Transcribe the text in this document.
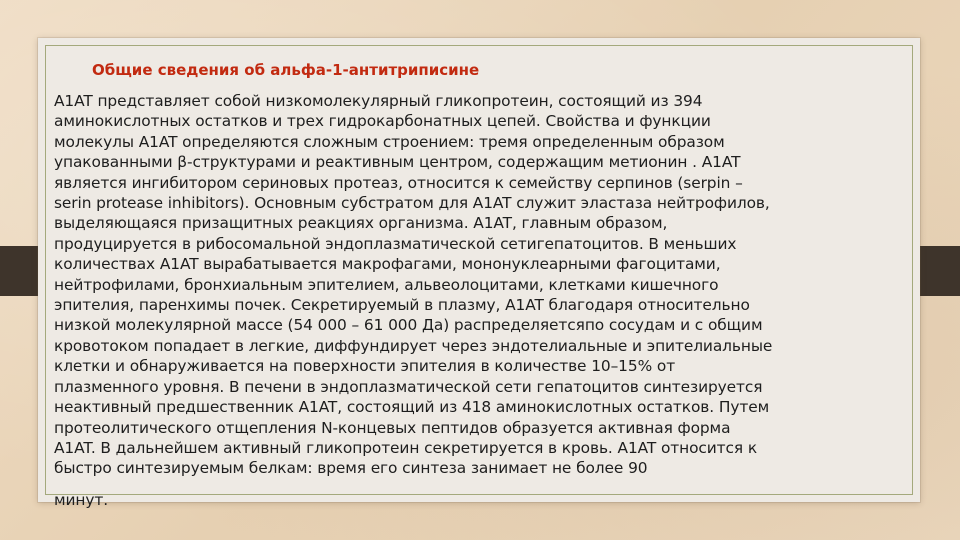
Общие сведения об альфа-1-антитриписине
A1AT представляет собой низкомолекулярный гликопротеин, состоящий из 394
аминокислотных остатков и трех гидрокарбонатных цепей. Свойства и функции
молекулы A1AT определяются сложным строением: тремя определенным образом
упакованными β-структурами и реактивным центром, содержащим метионин . A1AT
является ингибитором сериновых протеаз, относится к семейству серпинов (serpin –
serin protease inhibitors). Основным субстратом для A1AT служит эластаза нейтрофилов,
выделяющаяся призащитных реакциях организма. A1AT, главным образом,
продуцируется в рибосомальной эндоплазматической сетигепатоцитов. В меньших
количествах A1AT вырабатывается макрофагами, мононуклеарными фагоцитами,
нейтрофилами, бронхиальным эпителием, альвеолоцитами, клетками кишечного
эпителия, паренхимы почек. Секретируемый в плазму, A1AT благодаря относительно
низкой молекулярной массе (54 000 – 61 000 Да) распределяетсяпо сосудам и с общим
кровотоком попадает в легкие, диффундирует через эндотелиальные и эпителиальные
клетки и обнаруживается на поверхности эпителия в количестве 10–15% от
плазменного уровня. В печени в эндоплазматической сети гепатоцитов синтезируется
неактивный предшественник A1AT, состоящий из 418 аминокислотных остатков. Путем
протеолитического отщепления N-концевых пептидов образуется активная форма
A1AT. В дальнейшем активный гликопротеин секретируется в кровь. A1AT относится к
быстро синтезируемым белкам: время его синтеза занимает не более 90
минут.
